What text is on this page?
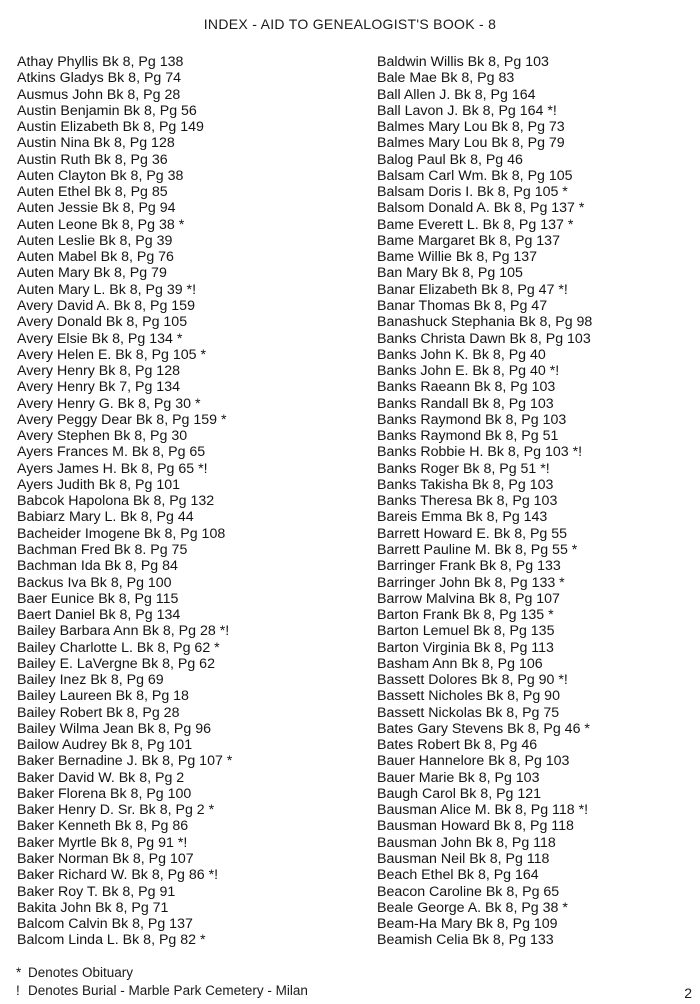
INDEX - AID TO GENEALOGIST'S BOOK - 8
Athay Phyllis Bk 8, Pg 138
Atkins Gladys Bk 8, Pg 74
Ausmus John Bk 8, Pg 28
Austin Benjamin Bk 8, Pg 56
Austin Elizabeth Bk 8, Pg 149
Austin Nina Bk 8, Pg 128
Austin Ruth Bk 8, Pg 36
Auten Clayton Bk 8, Pg 38
Auten Ethel Bk 8, Pg 85
Auten Jessie Bk 8, Pg 94
Auten Leone Bk 8, Pg 38 *
Auten Leslie Bk 8, Pg 39
Auten Mabel Bk 8, Pg 76
Auten Mary Bk 8, Pg 79
Auten Mary L. Bk 8, Pg 39 *!
Avery David A. Bk 8, Pg 159
Avery Donald Bk 8, Pg 105
Avery Elsie Bk 8, Pg 134 *
Avery Helen E. Bk 8, Pg 105 *
Avery Henry Bk 8, Pg 128
Avery Henry Bk 7, Pg 134
Avery Henry G. Bk 8, Pg 30 *
Avery Peggy Dear Bk 8, Pg 159 *
Avery Stephen Bk 8, Pg 30
Ayers Frances M. Bk 8, Pg 65
Ayers James H. Bk 8, Pg 65 *!
Ayers Judith Bk 8, Pg 101
Babcok Hapolona Bk 8, Pg 132
Babiarz Mary L. Bk 8, Pg 44
Bacheider Imogene Bk 8, Pg 108
Bachman Fred Bk 8. Pg 75
Bachman Ida Bk 8, Pg 84
Backus Iva Bk 8, Pg 100
Baer Eunice Bk 8, Pg 115
Baert Daniel Bk 8, Pg 134
Bailey Barbara Ann Bk 8, Pg 28 *!
Bailey Charlotte L. Bk 8, Pg 62 *
Bailey E. LaVergne Bk 8, Pg 62
Bailey Inez Bk 8, Pg 69
Bailey Laureen Bk 8, Pg 18
Bailey Robert Bk 8, Pg 28
Bailey Wilma Jean Bk 8, Pg 96
Bailow Audrey Bk 8, Pg 101
Baker Bernadine J. Bk 8, Pg 107 *
Baker David W. Bk 8, Pg 2
Baker Florena Bk 8, Pg 100
Baker Henry D. Sr. Bk 8, Pg 2 *
Baker Kenneth Bk 8, Pg 86
Baker Myrtle Bk 8, Pg 91 *!
Baker Norman Bk 8, Pg 107
Baker Richard W. Bk 8, Pg 86 *!
Baker Roy T. Bk 8, Pg 91
Bakita John Bk 8, Pg 71
Balcom Calvin Bk 8, Pg 137
Balcom Linda L. Bk 8, Pg 82 *
Baldwin Willis Bk 8, Pg 103
Bale Mae Bk 8, Pg 83
Ball Allen J. Bk 8, Pg 164
Ball Lavon J. Bk 8, Pg 164 *!
Balmes Mary Lou Bk 8, Pg 73
Balmes Mary Lou Bk 8, Pg 79
Balog Paul Bk 8, Pg 46
Balsam Carl Wm. Bk 8, Pg 105
Balsam Doris I. Bk 8, Pg 105 *
Balsom Donald A. Bk 8, Pg 137 *
Bame Everett L. Bk 8, Pg 137 *
Bame Margaret Bk 8, Pg 137
Bame Willie Bk 8, Pg 137
Ban Mary Bk 8, Pg 105
Banar Elizabeth Bk 8, Pg 47 *!
Banar Thomas Bk 8, Pg 47
Banashuck Stephania Bk 8, Pg 98
Banks Christa Dawn Bk 8, Pg 103
Banks John K. Bk 8, Pg 40
Banks John E. Bk 8, Pg 40 *!
Banks Raeann Bk 8, Pg 103
Banks Randall Bk 8, Pg 103
Banks Raymond Bk 8, Pg 103
Banks Raymond Bk 8, Pg 51
Banks Robbie H. Bk 8, Pg 103 *!
Banks Roger Bk 8, Pg 51 *!
Banks Takisha Bk 8, Pg 103
Banks Theresa Bk 8, Pg 103
Bareis Emma Bk 8, Pg 143
Barrett Howard E. Bk 8, Pg 55
Barrett Pauline M. Bk 8, Pg 55 *
Barringer Frank Bk 8, Pg 133
Barringer John Bk 8, Pg 133 *
Barrow Malvina Bk 8, Pg 107
Barton Frank Bk 8, Pg 135 *
Barton Lemuel Bk 8, Pg 135
Barton Virginia Bk 8, Pg 113
Basham Ann Bk 8, Pg 106
Bassett Dolores Bk 8, Pg 90 *!
Bassett Nicholes Bk 8, Pg 90
Bassett Nickolas Bk 8, Pg 75
Bates Gary Stevens Bk 8, Pg 46 *
Bates Robert Bk 8, Pg 46
Bauer Hannelore Bk 8, Pg 103
Bauer Marie Bk 8, Pg 103
Baugh Carol Bk 8, Pg 121
Bausman Alice M. Bk 8, Pg 118 *!
Bausman Howard Bk 8, Pg 118
Bausman John Bk 8, Pg 118
Bausman Neil Bk 8, Pg 118
Beach Ethel Bk 8, Pg 164
Beacon Caroline Bk 8, Pg 65
Beale George A. Bk 8, Pg 38 *
Beam-Ha Mary Bk 8, Pg 109
Beamish Celia Bk 8, Pg 133
* Denotes Obituary
! Denotes Burial - Marble Park Cemetery - Milan	2
